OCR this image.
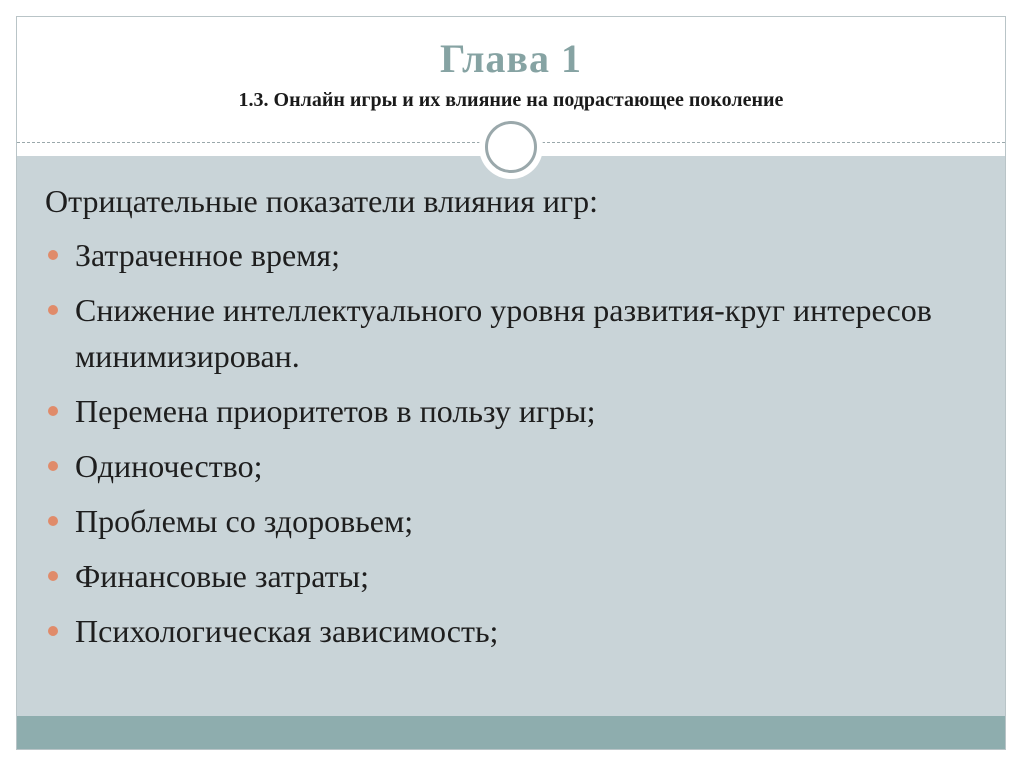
Глава 1

1.3. Онлайн игры и их влияние на подрастающее поколение

Отрицательные показатели влияния игр:

Затраченное время;
Снижение интеллектуального уровня развития-круг интересов минимизирован.
Перемена приоритетов в пользу игры;
Одиночество;
Проблемы со здоровьем;
Финансовые затраты;
Психологическая зависимость;
